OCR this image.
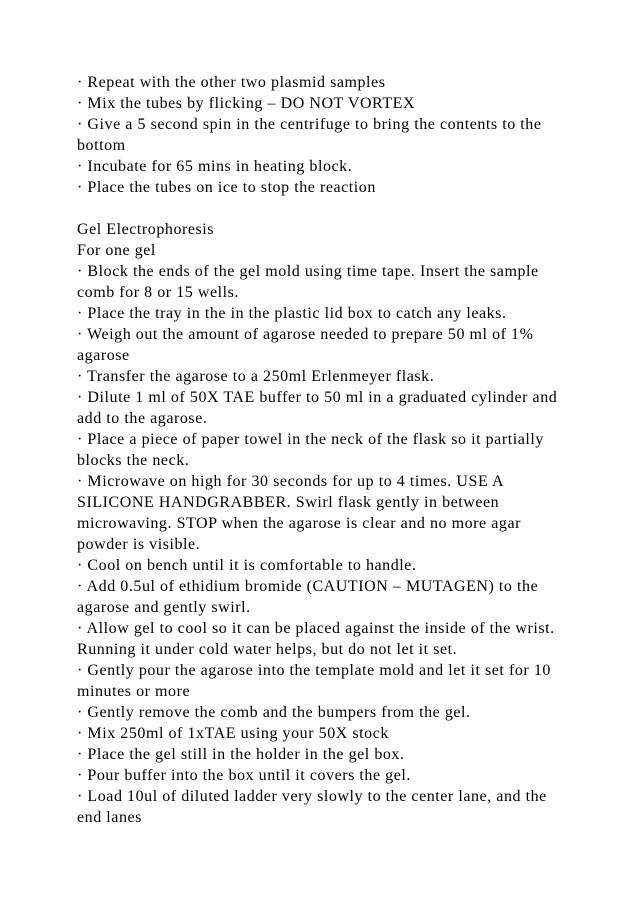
· Repeat with the other two plasmid samples

· Mix the tubes by flicking – DO NOT VORTEX

· Give a 5 second spin in the centrifuge to bring the contents to the bottom

· Incubate for 65 mins in heating block.

· Place the tubes on ice to stop the reaction

Gel Electrophoresis

For one gel

· Block the ends of the gel mold using time tape. Insert the sample comb for 8 or 15 wells.

· Place the tray in the in the plastic lid box to catch any leaks.

· Weigh out the amount of agarose needed to prepare 50 ml of 1% agarose

· Transfer the agarose to a 250ml Erlenmeyer flask.

· Dilute 1 ml of 50X TAE buffer to 50 ml in a graduated cylinder and add to the agarose.

· Place a piece of paper towel in the neck of the flask so it partially blocks the neck.

· Microwave on high for 30 seconds for up to 4 times. USE A SILICONE HANDGRABBER. Swirl flask gently in between microwaving. STOP when the agarose is clear and no more agar powder is visible.

· Cool on bench until it is comfortable to handle.

· Add 0.5ul of ethidium bromide (CAUTION – MUTAGEN) to the agarose and gently swirl.

· Allow gel to cool so it can be placed against the inside of the wrist. Running it under cold water helps, but do not let it set.

· Gently pour the agarose into the template mold and let it set for 10 minutes or more

· Gently remove the comb and the bumpers from the gel.

· Mix 250ml of 1xTAE using your 50X stock

· Place the gel still in the holder in the gel box.

· Pour buffer into the box until it covers the gel.

· Load 10ul of diluted ladder very slowly to the center lane, and the end lanes
